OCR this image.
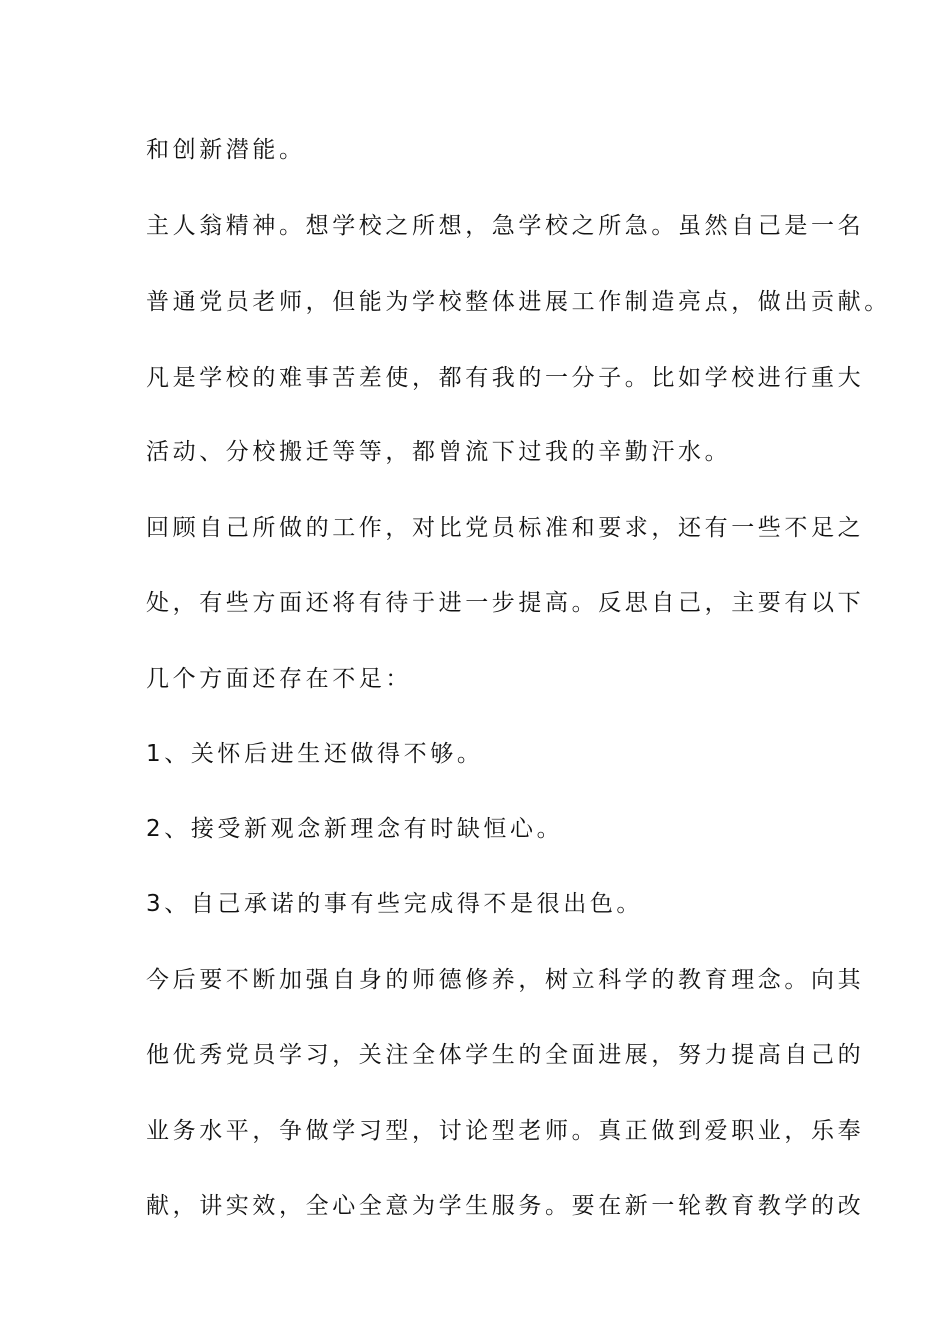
和创新潜能。
主人翁精神。想学校之所想，急学校之所急。虽然自己是一名
普通党员老师，但能为学校整体进展工作制造亮点，做出贡献。
凡是学校的难事苦差使，都有我的一分子。比如学校进行重大
活动、分校搬迁等等，都曾流下过我的辛勤汗水。
回顾自己所做的工作，对比党员标准和要求，还有一些不足之
处，有些方面还将有待于进一步提高。反思自己，主要有以下
几个方面还存在不足：
1、关怀后进生还做得不够。
2、接受新观念新理念有时缺恒心。
3、自己承诺的事有些完成得不是很出色。
今后要不断加强自身的师德修养，树立科学的教育理念。向其
他优秀党员学习，关注全体学生的全面进展，努力提高自己的
业务水平，争做学习型，讨论型老师。真正做到爱职业，乐奉
献，讲实效，全心全意为学生服务。要在新一轮教育教学的改
